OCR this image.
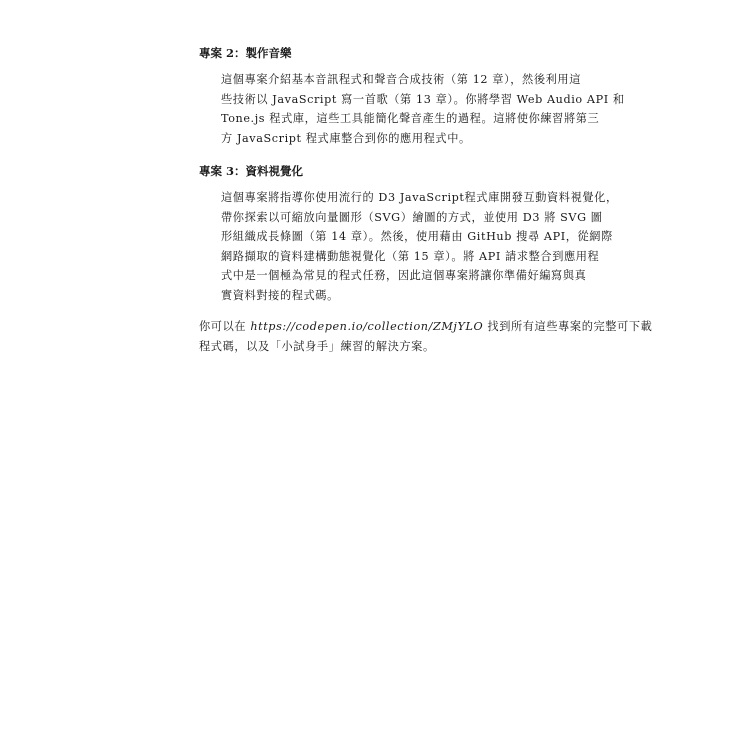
專案 2：製作音樂

這個專案介紹基本音訊程式和聲音合成技術（第 12 章），然後利用這
些技術以 JavaScript 寫一首歌（第 13 章）。你將學習 Web Audio API 和
Tone.js 程式庫，這些工具能簡化聲音產生的過程。這將使你練習將第三
方 JavaScript 程式庫整合到你的應用程式中。

專案 3：資料視覺化

這個專案將指導你使用流行的 D3 JavaScript程式庫開發互動資料視覺化，
帶你探索以可縮放向量圖形（SVG）繪圖的方式，並使用 D3 將 SVG 圖
形組織成長條圖（第 14 章）。然後，使用藉由 GitHub 搜尋 API，從網際
網路擷取的資料建構動態視覺化（第 15 章）。將 API 請求整合到應用程
式中是一個極為常見的程式任務，因此這個專案將讓你準備好編寫與真
實資料對接的程式碼。

你可以在 https://codepen.io/collection/ZMjYLO 找到所有這些專案的完整可下載
程式碼，以及「小試身手」練習的解決方案。
